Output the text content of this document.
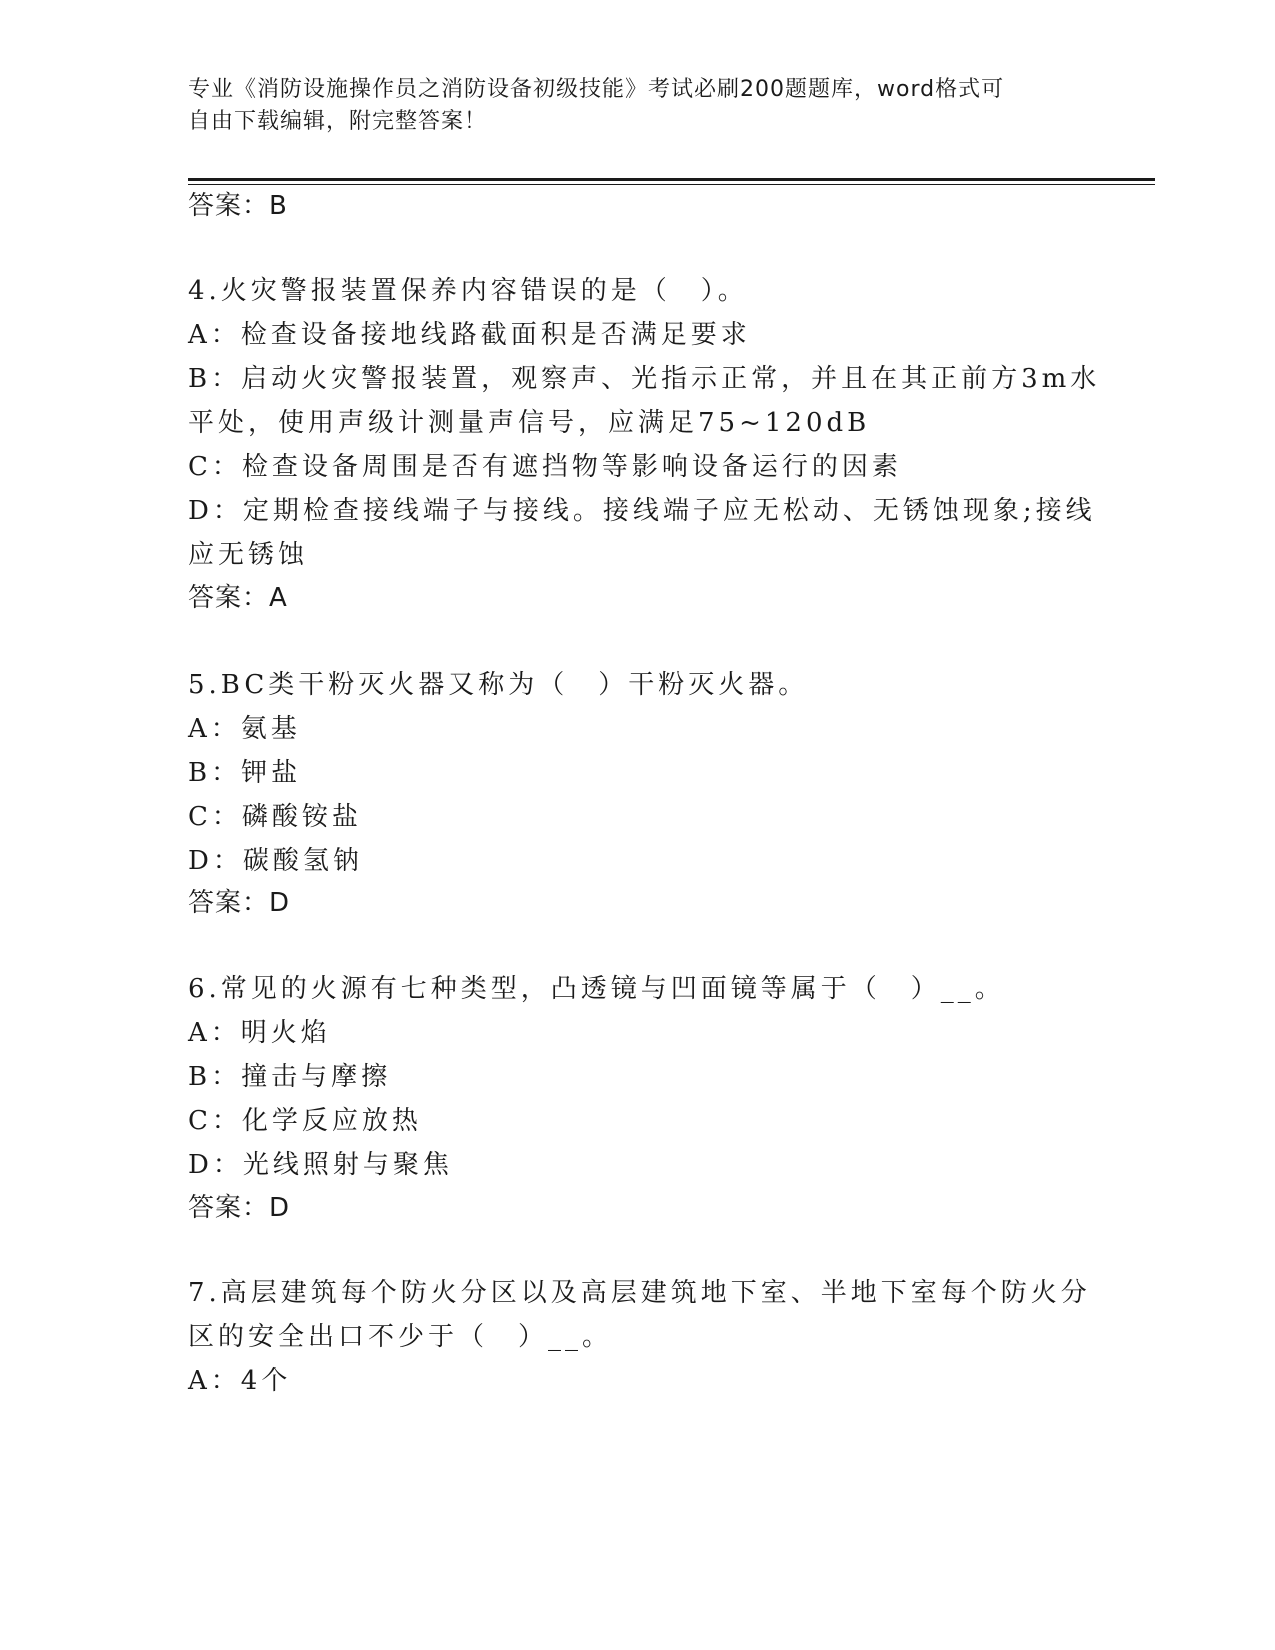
专业《消防设施操作员之消防设备初级技能》考试必刷200题题库，word格式可
自由下载编辑，附完整答案！
答案：B
4.火灾警报装置保养内容错误的是（　）。
A：检查设备接地线路截面积是否满足要求
B：启动火灾警报装置，观察声、光指示正常，并且在其正前方3m水
平处，使用声级计测量声信号，应满足75~120dB
C：检查设备周围是否有遮挡物等影响设备运行的因素
D：定期检查接线端子与接线。接线端子应无松动、无锈蚀现象;接线
应无锈蚀
答案：A
5.BC类干粉灭火器又称为（　）干粉灭火器。
A：氨基
B：钾盐
C：磷酸铵盐
D：碳酸氢钠
答案：D
6.常见的火源有七种类型，凸透镜与凹面镜等属于（　）__。
A：明火焰
B：撞击与摩擦
C：化学反应放热
D：光线照射与聚焦
答案：D
7.高层建筑每个防火分区以及高层建筑地下室、半地下室每个防火分
区的安全出口不少于（　）__。
A：4个
